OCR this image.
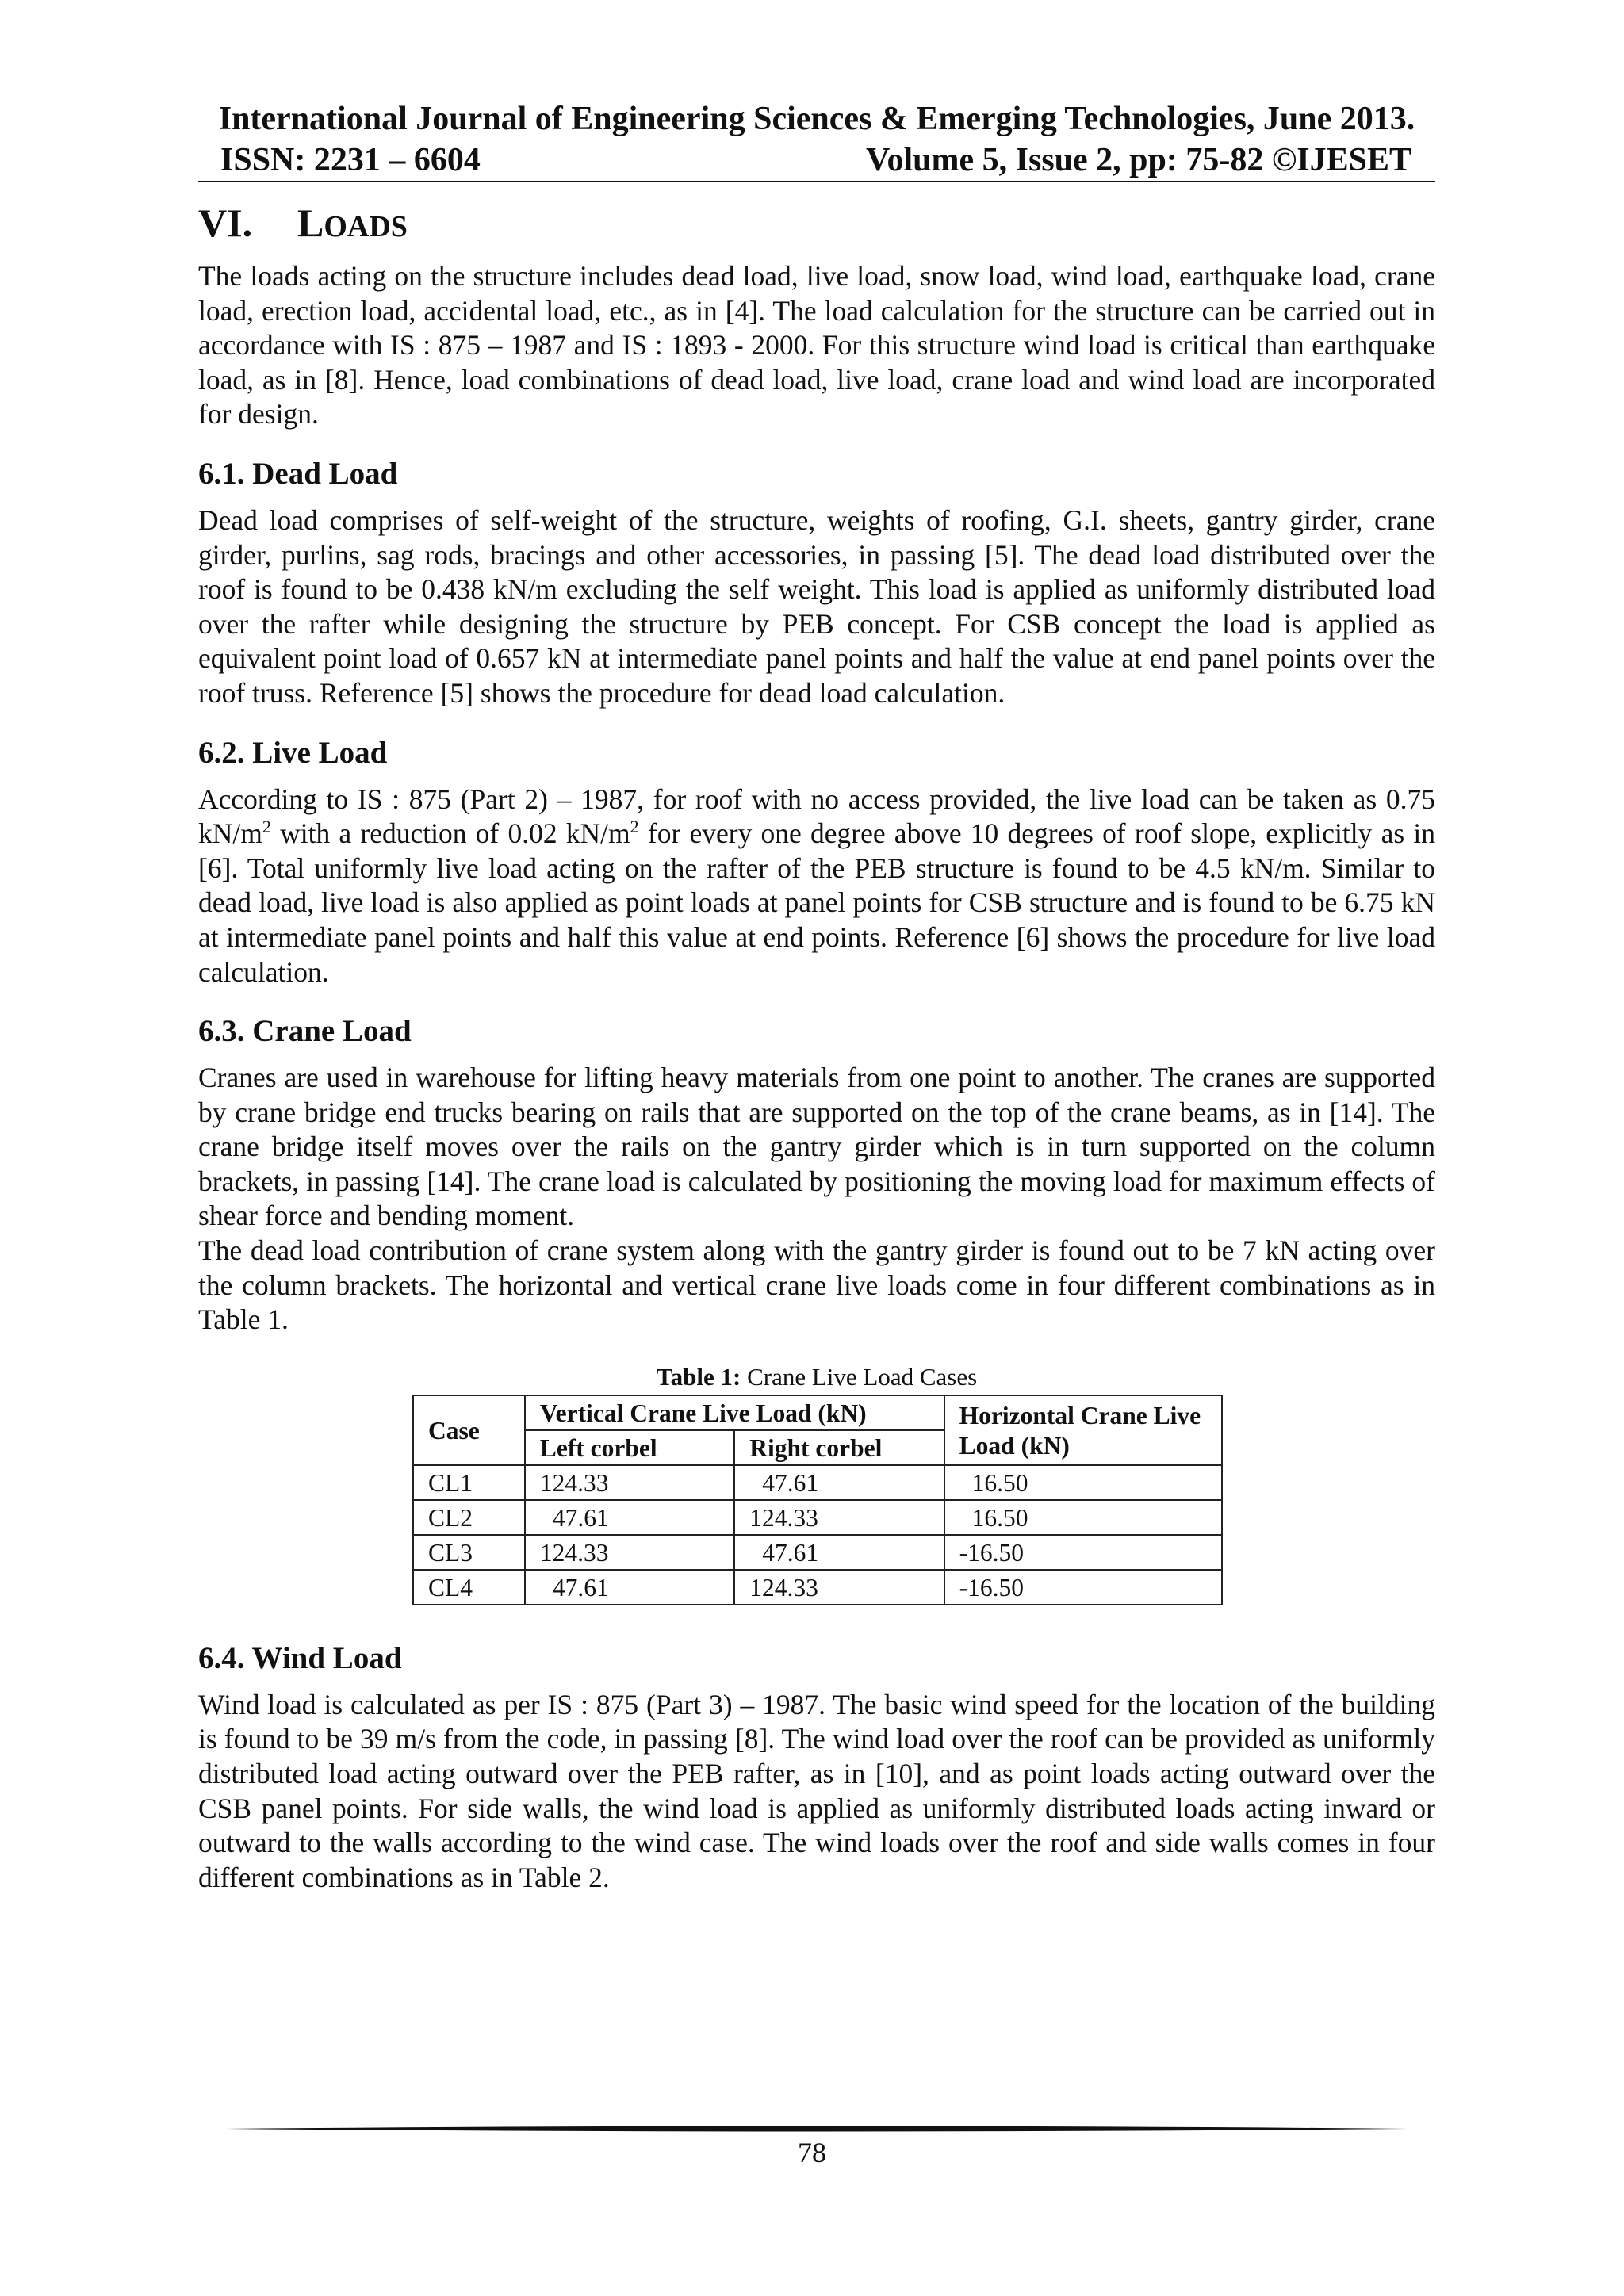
International Journal of Engineering Sciences & Emerging Technologies, June 2013.
ISSN: 2231 – 6604	Volume 5, Issue 2, pp: 75-82 ©IJESET
VI.	LOADS

The loads acting on the structure includes dead load, live load, snow load, wind load, earthquake load, crane load, erection load, accidental load, etc., as in [4]. The load calculation for the structure can be carried out in accordance with IS : 875 – 1987 and IS : 1893 - 2000. For this structure wind load is critical than earthquake load, as in [8]. Hence, load combinations of dead load, live load, crane load and wind load are incorporated for design.

6.1. Dead Load

Dead load comprises of self-weight of the structure, weights of roofing, G.I. sheets, gantry girder, crane girder, purlins, sag rods, bracings and other accessories, in passing [5]. The dead load distributed over the roof is found to be 0.438 kN/m excluding the self weight. This load is applied as uniformly distributed load over the rafter while designing the structure by PEB concept. For CSB concept the load is applied as equivalent point load of 0.657 kN at intermediate panel points and half the value at end panel points over the roof truss. Reference [5] shows the procedure for dead load calculation.

6.2. Live Load

According to IS : 875 (Part 2) – 1987, for roof with no access provided, the live load can be taken as 0.75 $kN/m^2$ with a reduction of 0.02 $kN/m^2$ for every one degree above 10 degrees of roof slope, explicitly as in [6]. Total uniformly live load acting on the rafter of the PEB structure is found to be 4.5 kN/m. Similar to dead load, live load is also applied as point loads at panel points for CSB structure and is found to be 6.75 kN at intermediate panel points and half this value at end points. Reference [6] shows the procedure for live load calculation.

6.3. Crane Load

Cranes are used in warehouse for lifting heavy materials from one point to another. The cranes are supported by crane bridge end trucks bearing on rails that are supported on the top of the crane beams, as in [14]. The crane bridge itself moves over the rails on the gantry girder which is in turn supported on the column brackets, in passing [14]. The crane load is calculated by positioning the moving load for maximum effects of shear force and bending moment.

The dead load contribution of crane system along with the gantry girder is found out to be 7 kN acting over the column brackets. The horizontal and vertical crane live loads come in four different combinations as in Table 1.

Table 1: Crane Live Load Cases
Case	Vertical Crane Live Load (kN)		Horizontal Crane Live Load (kN)
	Left corbel	Right corbel	
CL1	124.33	47.61	16.50
CL2	47.61	124.33	16.50
CL3	124.33	47.61	-16.50
CL4	47.61	124.33	-16.50
6.4. Wind Load

Wind load is calculated as per IS : 875 (Part 3) – 1987. The basic wind speed for the location of the building is found to be 39 m/s from the code, in passing [8]. The wind load over the roof can be provided as uniformly distributed load acting outward over the PEB rafter, as in [10], and as point loads acting outward over the CSB panel points. For side walls, the wind load is applied as uniformly distributed loads acting inward or outward to the walls according to the wind case. The wind loads over the roof and side walls comes in four different combinations as in Table 2.

78
